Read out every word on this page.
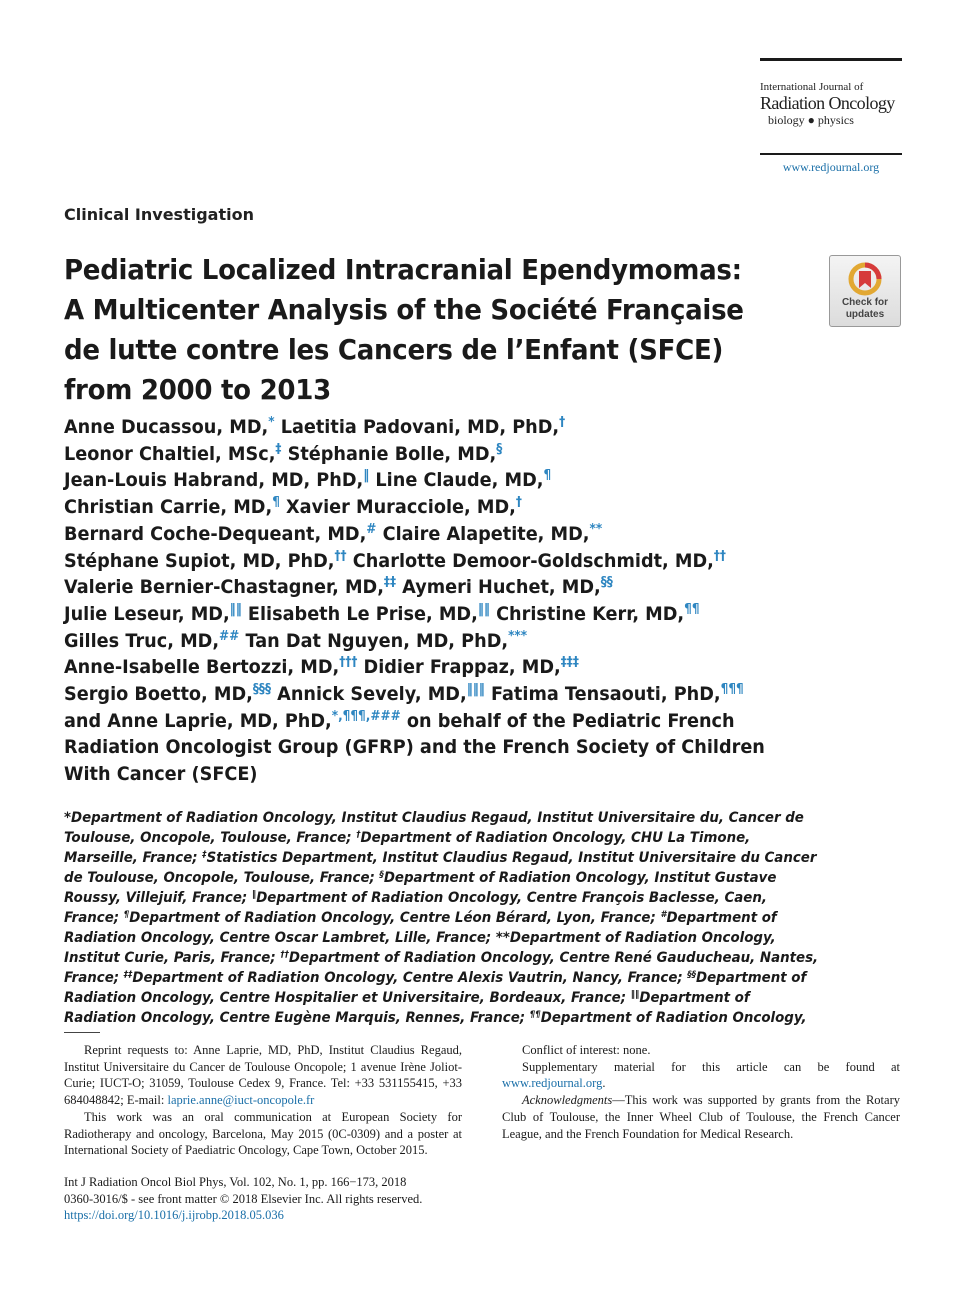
International Journal of
Radiation Oncology
biology ● physics
www.redjournal.org
Clinical Investigation
Pediatric Localized Intracranial Ependymomas:
A Multicenter Analysis of the Société Française
de lutte contre les Cancers de l’Enfant (SFCE)
from 2000 to 2013
Check for
updates
Anne Ducassou, MD,* Laetitia Padovani, MD, PhD,†
Leonor Chaltiel, MSc,‡ Stéphanie Bolle, MD,§
Jean-Louis Habrand, MD, PhD,‖ Line Claude, MD,¶
Christian Carrie, MD,¶ Xavier Muracciole, MD,†
Bernard Coche-Dequeant, MD,# Claire Alapetite, MD,**
Stéphane Supiot, MD, PhD,†† Charlotte Demoor-Goldschmidt, MD,††
Valerie Bernier-Chastagner, MD,‡‡ Aymeri Huchet, MD,§§
Julie Leseur, MD,‖‖ Elisabeth Le Prise, MD,‖‖ Christine Kerr, MD,¶¶
Gilles Truc, MD,## Tan Dat Nguyen, MD, PhD,***
Anne-Isabelle Bertozzi, MD,††† Didier Frappaz, MD,‡‡‡
Sergio Boetto, MD,§§§ Annick Sevely, MD,‖‖‖ Fatima Tensaouti, PhD,¶¶¶
and Anne Laprie, MD, PhD,*,¶¶¶,### on behalf of the Pediatric French
Radiation Oncologist Group (GFRP) and the French Society of Children
With Cancer (SFCE)
*Department of Radiation Oncology, Institut Claudius Regaud, Institut Universitaire du, Cancer de
Toulouse, Oncopole, Toulouse, France; †Department of Radiation Oncology, CHU La Timone,
Marseille, France; ‡Statistics Department, Institut Claudius Regaud, Institut Universitaire du Cancer
de Toulouse, Oncopole, Toulouse, France; §Department of Radiation Oncology, Institut Gustave
Roussy, Villejuif, France; ‖Department of Radiation Oncology, Centre François Baclesse, Caen,
France; ¶Department of Radiation Oncology, Centre Léon Bérard, Lyon, France; #Department of
Radiation Oncology, Centre Oscar Lambret, Lille, France; **Department of Radiation Oncology,
Institut Curie, Paris, France; ††Department of Radiation Oncology, Centre René Gauducheau, Nantes,
France; ‡‡Department of Radiation Oncology, Centre Alexis Vautrin, Nancy, France; §§Department of
Radiation Oncology, Centre Hospitalier et Universitaire, Bordeaux, France; ‖‖Department of
Radiation Oncology, Centre Eugène Marquis, Rennes, France; ¶¶Department of Radiation Oncology,

Reprint requests to: Anne Laprie, MD, PhD, Institut Claudius Regaud, Institut Universitaire du Cancer de Toulouse Oncopole; 1 avenue Irène Joliot-Curie; IUCT-O; 31059, Toulouse Cedex 9, France. Tel: +33 531155415, +33 684048842; E-mail: laprie.anne@iuct-oncopole.fr

This work was an oral communication at European Society for Radiotherapy and oncology, Barcelona, May 2015 (0C-0309) and a poster at International Society of Paediatric Oncology, Cape Town, October 2015.

Conflict of interest: none.

Supplementary material for this article can be found at www.redjournal.org.

Acknowledgments—This work was supported by grants from the Rotary Club of Toulouse, the Inner Wheel Club of Toulouse, the French Cancer League, and the French Foundation for Medical Research.

Int J Radiation Oncol Biol Phys, Vol. 102, No. 1, pp. 166−173, 2018
0360-3016/$ - see front matter © 2018 Elsevier Inc. All rights reserved.
https://doi.org/10.1016/j.ijrobp.2018.05.036
